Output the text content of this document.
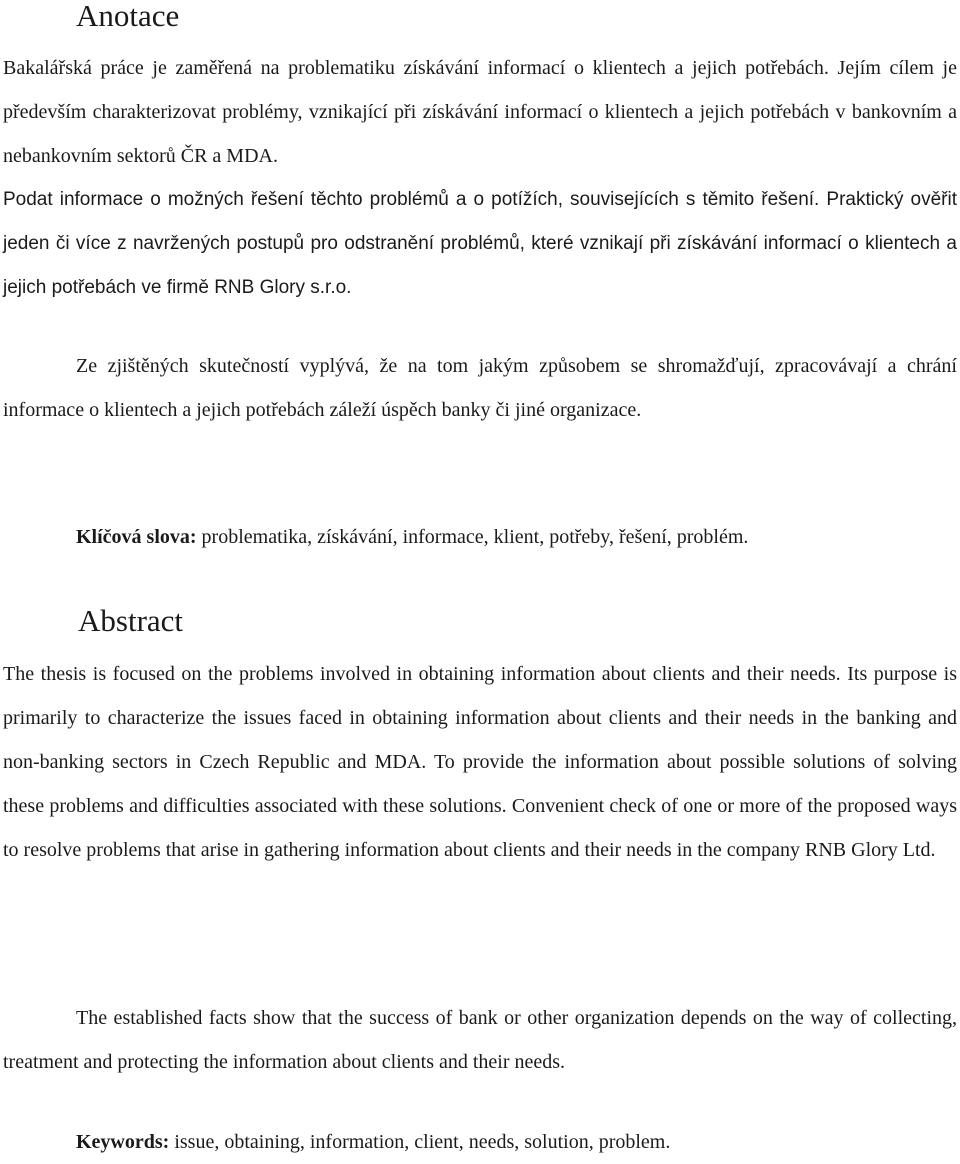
Anotace

Bakalářská práce je zaměřená na problematiku získávání informací o klientech a jejich potřebách. Jejím cílem je především charakterizovat problémy, vznikající při získávání informací o klientech a jejich potřebách v bankovním a nebankovním sektorů ČR a MDA.

Podat informace o možných řešení těchto problémů a o potížích, souvisejících s těmito řešení. Praktický ověřit jeden či více z navržených postupů pro odstranění problémů, které vznikají při získávání informací o klientech a jejich potřebách ve firmě RNB Glory s.r.o.

Ze zjištěných skutečností vyplývá, že na tom jakým způsobem se shromažďují, zpracovávají a chrání informace o klientech a jejich potřebách záleží úspěch banky či jiné organizace.

Klíčová slova: problematika, získávání, informace, klient, potřeby, řešení, problém.

Abstract

The thesis is focused on the problems involved in obtaining information about clients and their needs. Its purpose is primarily to characterize the issues faced in obtaining information about clients and their needs in the banking and non-banking sectors in Czech Republic and MDA. To provide the information about possible solutions of solving these problems and difficulties associated with these solutions. Convenient check of one or more of the proposed ways to resolve problems that arise in gathering information about clients and their needs in the company RNB Glory Ltd.

The established facts show that the success of bank or other organization depends on the way of collecting, treatment and protecting the information about clients and their needs.

Keywords: issue, obtaining, information, client, needs, solution, problem.
